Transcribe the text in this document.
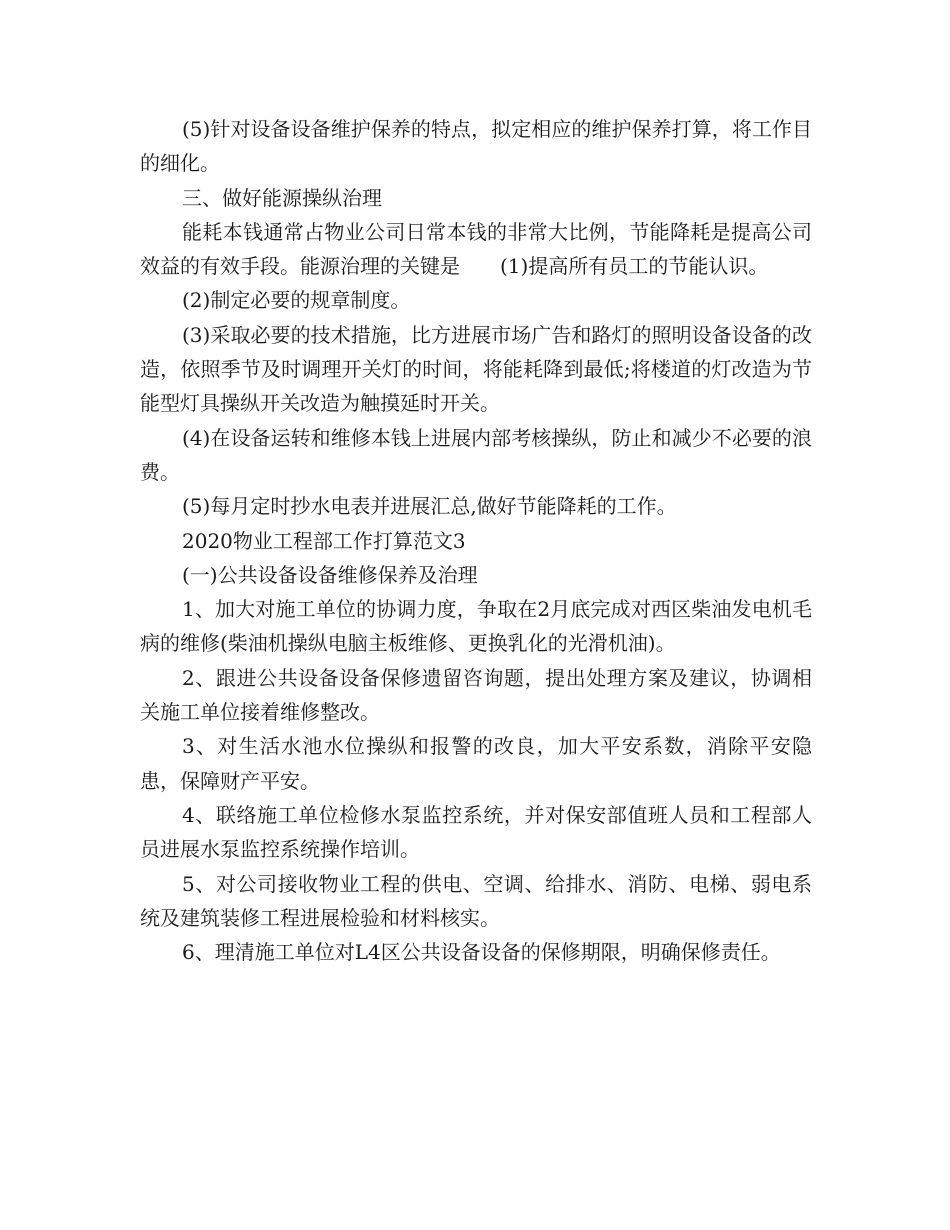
(5)针对设备设备维护保养的特点，拟定相应的维护保养打算，将工作目的细化。

三、做好能源操纵治理

能耗本钱通常占物业公司日常本钱的非常大比例，节能降耗是提高公司效益的有效手段。能源治理的关键是　　(1)提高所有员工的节能认识。

(2)制定必要的规章制度。

(3)采取必要的技术措施，比方进展市场广告和路灯的照明设备设备的改造，依照季节及时调理开关灯的时间，将能耗降到最低;将楼道的灯改造为节能型灯具操纵开关改造为触摸延时开关。

(4)在设备运转和维修本钱上进展内部考核操纵，防止和减少不必要的浪费。

(5)每月定时抄水电表并进展汇总,做好节能降耗的工作。

2020物业工程部工作打算范文3

(一)公共设备设备维修保养及治理

1、加大对施工单位的协调力度，争取在2月底完成对西区柴油发电机毛病的维修(柴油机操纵电脑主板维修、更换乳化的光滑机油)。

2、跟进公共设备设备保修遗留咨询题，提出处理方案及建议，协调相关施工单位接着维修整改。

3、对生活水池水位操纵和报警的改良，加大平安系数，消除平安隐患，保障财产平安。

4、联络施工单位检修水泵监控系统，并对保安部值班人员和工程部人员进展水泵监控系统操作培训。

5、对公司接收物业工程的供电、空调、给排水、消防、电梯、弱电系统及建筑装修工程进展检验和材料核实。

6、理清施工单位对L4区公共设备设备的保修期限，明确保修责任。
